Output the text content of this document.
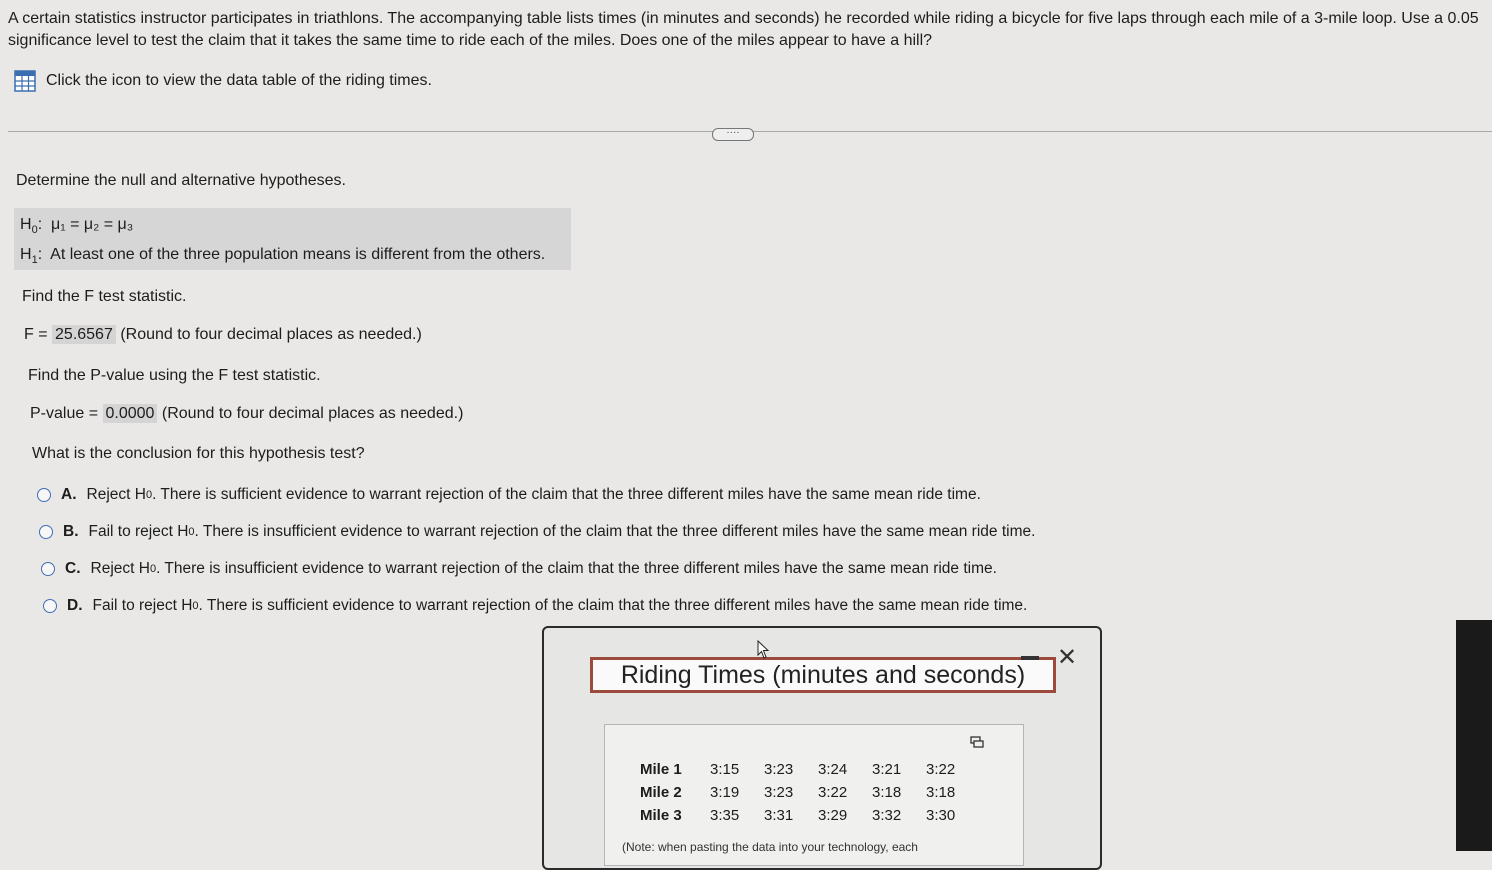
A certain statistics instructor participates in triathlons. The accompanying table lists times (in minutes and seconds) he recorded while riding a bicycle for five laps through each mile of a 3-mile loop. Use a 0.05 significance level to test the claim that it takes the same time to ride each of the miles. Does one of the miles appear to have a hill?
Click the icon to view the data table of the riding times.
····
Determine the null and alternative hypotheses.
$H_0$:  μ₁ = μ₂ = μ₃
$H_1$:  At least one of the three population means is different from the others.
Find the F test statistic.
F = 25.6567 (Round to four decimal places as needed.)
Find the P-value using the F test statistic.
P-value = 0.0000 (Round to four decimal places as needed.)
What is the conclusion for this hypothesis test?
A. Reject H 0 . There is sufficient evidence to warrant rejection of the claim that the three different miles have the same mean ride time.
B. Fail to reject H 0 . There is insufficient evidence to warrant rejection of the claim that the three different miles have the same mean ride time.
C. Reject H 0 . There is insufficient evidence to warrant rejection of the claim that the three different miles have the same mean ride time.
D. Fail to reject H 0 . There is sufficient evidence to warrant rejection of the claim that the three different miles have the same mean ride time.
Riding Times (minutes and seconds)
✕
Mile 1	3:15	3:23	3:24	3:21	3:22
Mile 2	3:19	3:23	3:22	3:18	3:18
Mile 3	3:35	3:31	3:29	3:32	3:30
(Note: when pasting the data into your technology, each
